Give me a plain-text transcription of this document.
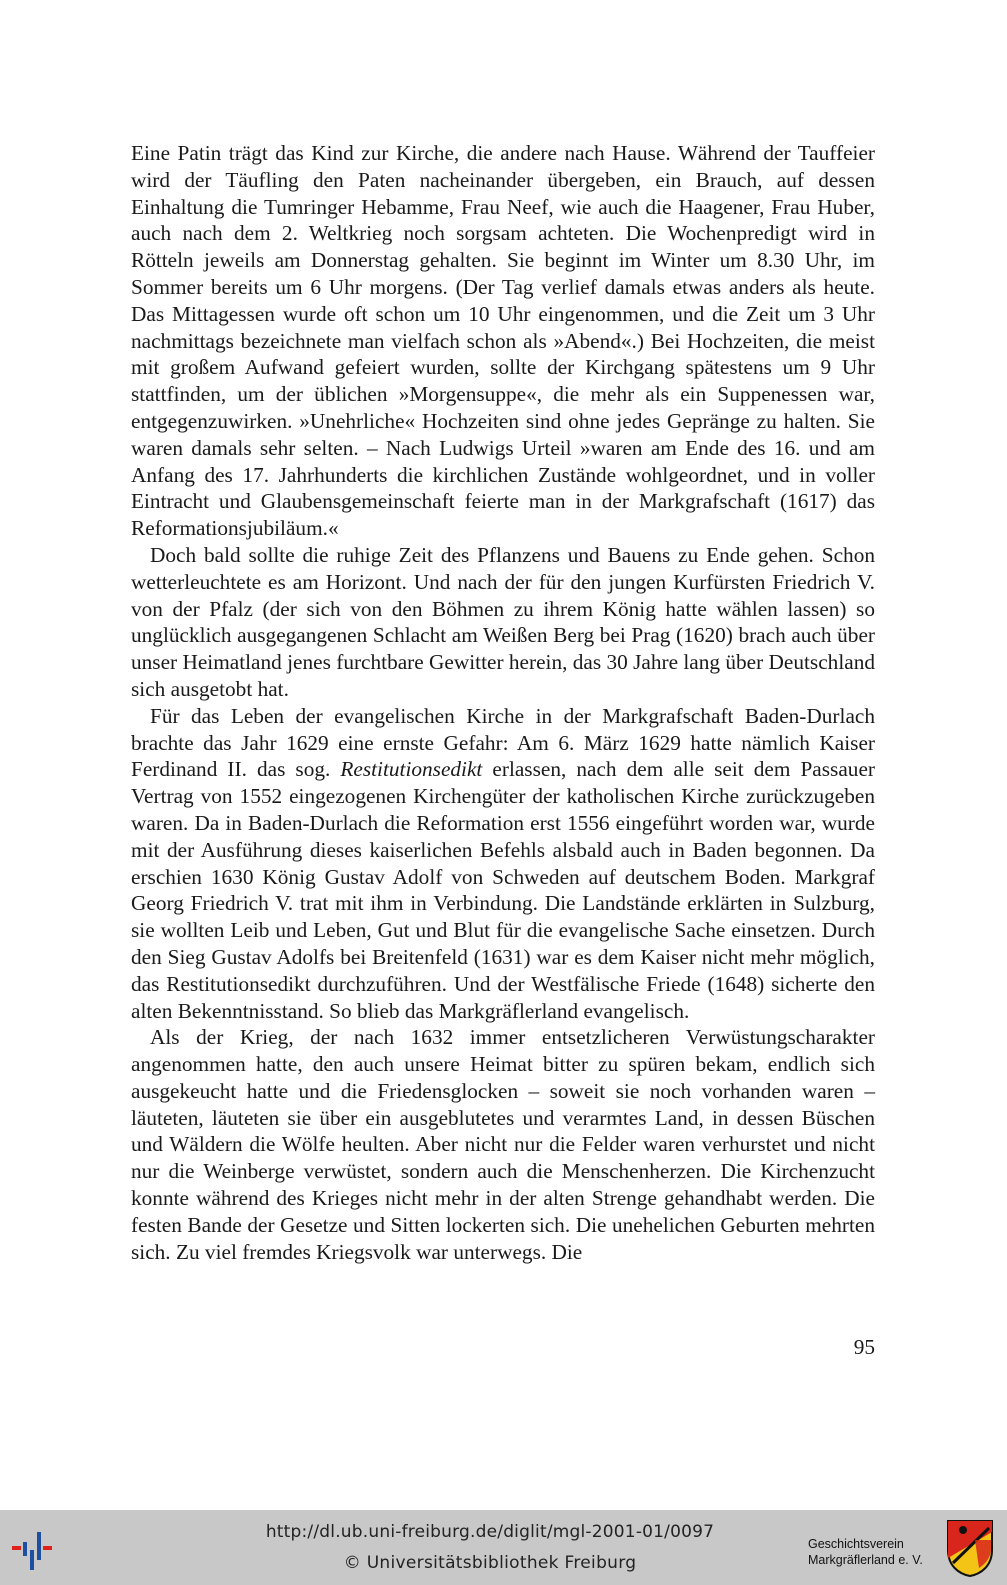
Eine Patin trägt das Kind zur Kirche, die andere nach Hause. Während der Tauffeier wird der Täufling den Paten nacheinander übergeben, ein Brauch, auf dessen Einhaltung die Tumringer Hebamme, Frau Neef, wie auch die Haagener, Frau Huber, auch nach dem 2. Weltkrieg noch sorgsam achteten. Die Wochenpredigt wird in Rötteln jeweils am Donnerstag gehalten. Sie beginnt im Winter um 8.30 Uhr, im Sommer bereits um 6 Uhr morgens. (Der Tag verlief damals etwas anders als heute. Das Mittagessen wurde oft schon um 10 Uhr eingenommen, und die Zeit um 3 Uhr nachmittags bezeichnete man vielfach schon als »Abend«.) Bei Hochzeiten, die meist mit großem Aufwand gefeiert wurden, sollte der Kirchgang spätestens um 9 Uhr stattfinden, um der üblichen »Morgensuppe«, die mehr als ein Suppenessen war, entgegenzuwirken. »Unehrliche« Hochzeiten sind ohne jedes Gepränge zu halten. Sie waren damals sehr selten. – Nach Ludwigs Urteil »waren am Ende des 16. und am Anfang des 17. Jahrhunderts die kirchlichen Zustände wohlgeordnet, und in voller Eintracht und Glaubensgemeinschaft feierte man in der Markgrafschaft (1617) das Reformationsjubiläum.«

Doch bald sollte die ruhige Zeit des Pflanzens und Bauens zu Ende gehen. Schon wetterleuchtete es am Horizont. Und nach der für den jungen Kurfürsten Friedrich V. von der Pfalz (der sich von den Böhmen zu ihrem König hatte wählen lassen) so unglücklich ausgegangenen Schlacht am Weißen Berg bei Prag (1620) brach auch über unser Heimatland jenes furchtbare Gewitter herein, das 30 Jahre lang über Deutschland sich ausgetobt hat.

Für das Leben der evangelischen Kirche in der Markgrafschaft Baden-Durlach brachte das Jahr 1629 eine ernste Gefahr: Am 6. März 1629 hatte nämlich Kaiser Ferdinand II. das sog. Restitutionsedikt erlassen, nach dem alle seit dem Passauer Vertrag von 1552 eingezogenen Kirchengüter der katholischen Kirche zurückzugeben waren. Da in Baden-Durlach die Reformation erst 1556 eingeführt worden war, wurde mit der Ausführung dieses kaiserlichen Befehls alsbald auch in Baden begonnen. Da erschien 1630 König Gustav Adolf von Schweden auf deutschem Boden. Markgraf Georg Friedrich V. trat mit ihm in Verbindung. Die Landstände erklärten in Sulzburg, sie wollten Leib und Leben, Gut und Blut für die evangelische Sache einsetzen. Durch den Sieg Gustav Adolfs bei Breitenfeld (1631) war es dem Kaiser nicht mehr möglich, das Restitutionsedikt durchzuführen. Und der Westfälische Friede (1648) sicherte den alten Bekenntnisstand. So blieb das Markgräflerland evangelisch.

Als der Krieg, der nach 1632 immer entsetzlicheren Verwüstungscharakter angenommen hatte, den auch unsere Heimat bitter zu spüren bekam, endlich sich ausgekeucht hatte und die Friedensglocken – soweit sie noch vorhanden waren – läuteten, läuteten sie über ein ausgeblutetes und verarmtes Land, in dessen Büschen und Wäldern die Wölfe heulten. Aber nicht nur die Felder waren verhurstet und nicht nur die Weinberge verwüstet, sondern auch die Menschenherzen. Die Kirchenzucht konnte während des Krieges nicht mehr in der alten Strenge gehandhabt werden. Die festen Bande der Gesetze und Sitten lockerten sich. Die unehelichen Geburten mehrten sich. Zu viel fremdes Kriegsvolk war unterwegs. Die

95
http://dl.ub.uni-freiburg.de/diglit/mgl-2001-01/0097
© Universitätsbibliothek Freiburg
Geschichtsverein
Markgräflerland e. V.
